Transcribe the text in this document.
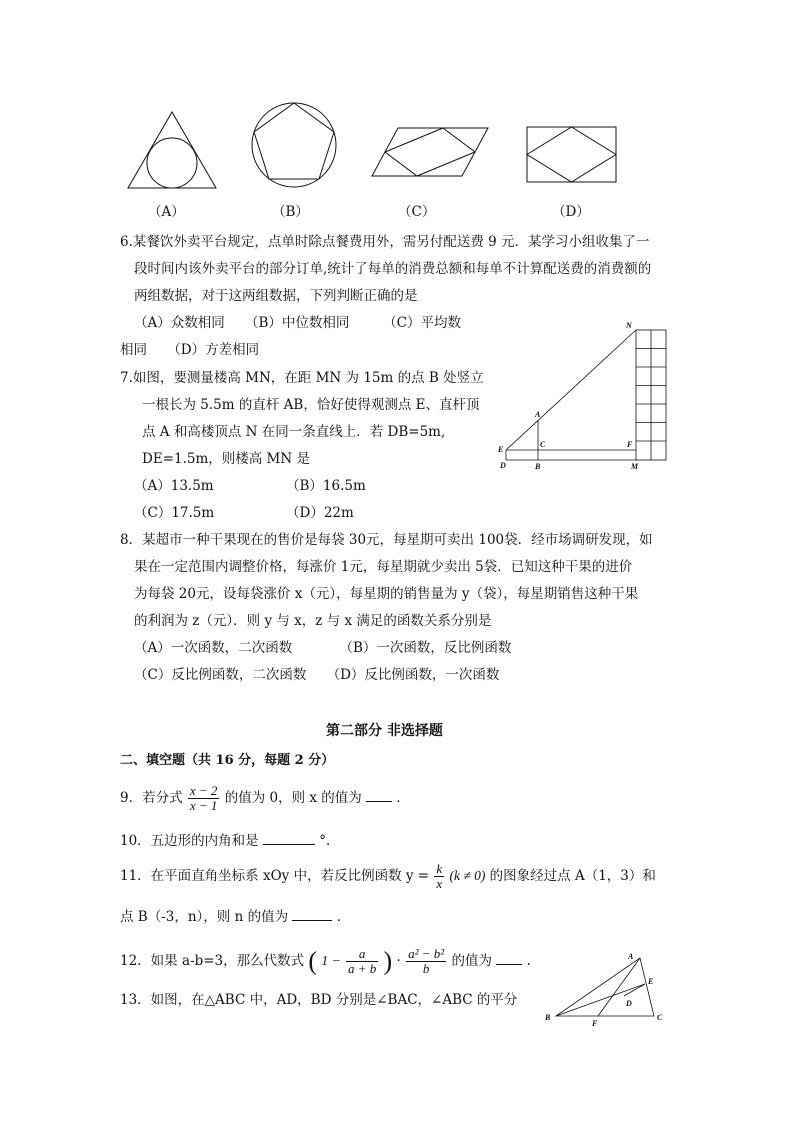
（A）	（B）	（C）	（D）
6.某餐饮外卖平台规定，点单时除点餐费用外，需另付配送费 9 元．某学习小组收集了一
段时间内该外卖平台的部分订单,统计了每单的消费总额和每单不计算配送费的消费额的
两组数据，对于这两组数据，下列判断正确的是
（A）众数相同　　（B）中位数相同　　　（C）平均数
相同　　（D）方差相同
7.如图，要测量楼高 MN，在距 MN 为 15m 的点 B 处竖立
一根长为 5.5m 的直杆 AB，恰好使得观测点 E、直杆顶
点 A 和高楼顶点 N 在同一条直线上．若 DB=5m,
DE=1.5m，则楼高 MN 是
（A）13.5m	（B）16.5m
（C）17.5m	（D）22m
N
A
C	F
E
D	B	M
8．某超市一种干果现在的售价是每袋 30元，每星期可卖出 100袋．经市场调研发现，如
果在一定范围内调整价格，每涨价 1元，每星期就少卖出 5袋．已知这种干果的进价
为每袋 20元，设每袋涨价 x（元），每星期的销售量为 y（袋），每星期销售这种干果
的利润为 z（元）．则 y 与 x，z 与 x 满足的函数关系分别是
（A）一次函数，二次函数　　　　（B）一次函数，反比例函数
（C）反比例函数，二次函数　　（D）反比例函数，一次函数
第二部分 非选择题
二、填空题（共 16 分，每题 2 分）
9．若分式 $\frac{x - 2}{x - 1}$ 的值为 0，则 x 的值为	．
10．五边形的内角和是	°．
11．在平面直角坐标系 xOy 中，若反比例函数 $y = \frac{k}{x} (k \ne 0)$ 的图象经过点 A（1，3）和
点 B（-3，n），则 n 的值为	．
12．如果 a-b=3，那么代数式 ( $1 - \frac{a}{a + b}$ ) · $\frac{\text{a² − b²}}{b}$ 的值为	.
13．如图，在△ABC 中，AD，BD 分别是∠BAC，∠ABC 的平分
A
E
D
B
F
C
